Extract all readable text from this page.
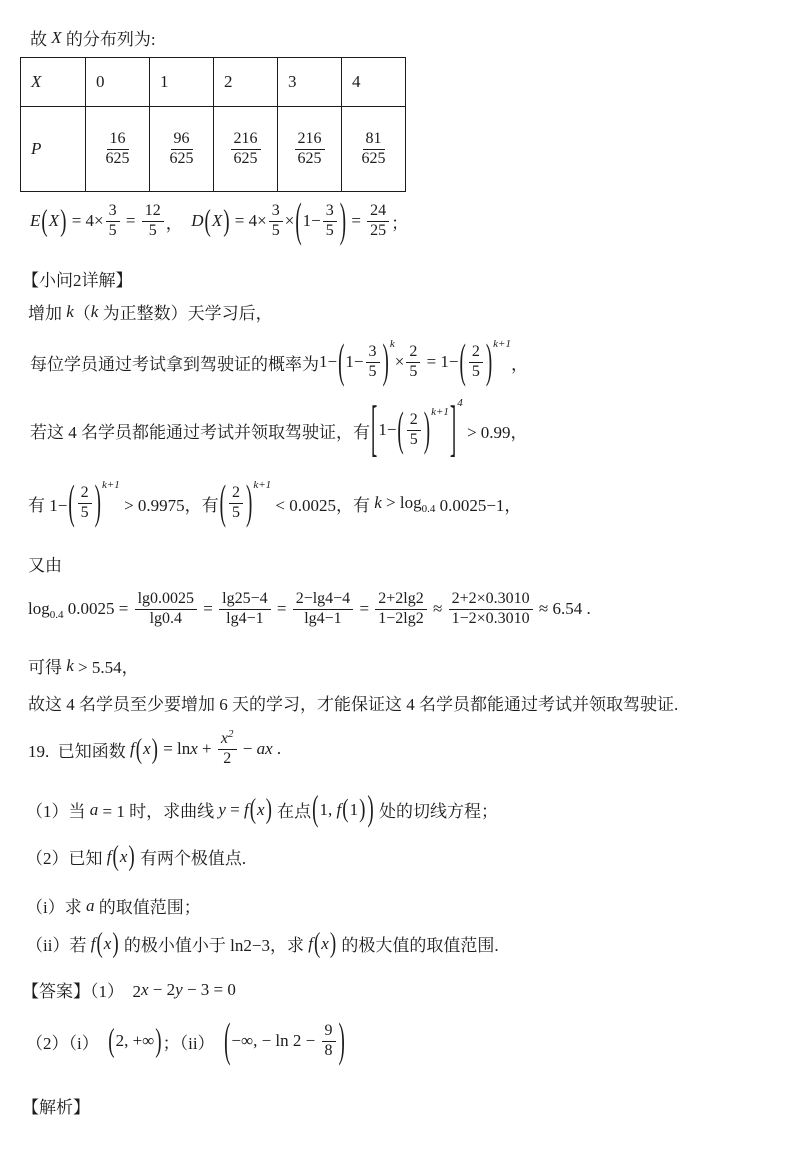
故 X 的分布列为:
X	0	1	2	3	4
P	$\frac{16}{625}$	$\frac{96}{625}$	$\frac{216}{625}$	$\frac{216}{625}$	$\frac{81}{625}$
E ( X ) = $4\times \frac{3}{5} = \frac{12}{5}$ ， D ( X ) = $4\times \frac{3}{5}$ × ( $1- \frac{3}{5}$ ) = $\frac{24}{25}$ ；
【小问2详解】
增加 k （ k 为正整数）天学习后，
每位学员通过考试拿到驾驶证的概率为 1− ( $1- \frac{3}{5}$ ) k
× $\frac{2}{5} = 1-$ ( $\frac{2}{5}$ ) k+1
，
若这 4 名学员都能通过考试并领取驾驶证，有 [ 1− ( $\frac{2}{5}$ ) k+1 ] 4
> 0.99，
有 1− ( $\frac{2}{5}$ ) k+1
> 0.9975，有 ( $\frac{2}{5}$ ) k+1
< 0.0025，有 k > log 0.4 0.0025−1，
又由
log 0.4 $0.0025 = \frac{\lg 0.0025}{\lg 0.4} = \frac{\lg 25-4}{\lg 4-1} = \frac{2-\lg 4-4}{\lg 4-1} = \frac{2+2\lg 2}{1-2\lg 2} \approx \frac{2+2\times 0.3010}{1-2\times 0.3010} \approx 6.54$ .
可得 k > 5.54，
故这 4 名学员至少要增加 6 天的学习，才能保证这 4 名学员都能通过考试并领取驾驶证.
19.  已知函数 f ( x ) = $\ln x + \frac{x^2}{2}$ − ax .
（1）当 a = 1 时，求曲线 y = f ( x ) 在点 ( 1, f ( 1 ) ) 处的切线方程；
（2）已知 f ( x ) 有两个极值点.
（i）求 a 的取值范围；
（ii）若 f ( x ) 的极小值小于 ln2−3，求 f ( x ) 的极大值的取值范围.
【答案】（1）  2 x − 2 y − 3 = 0
（2）（i） ( 2, +∞ ) ；（ii） ( −∞, − $\ln 2 - \frac{9}{8}$ )
【解析】
